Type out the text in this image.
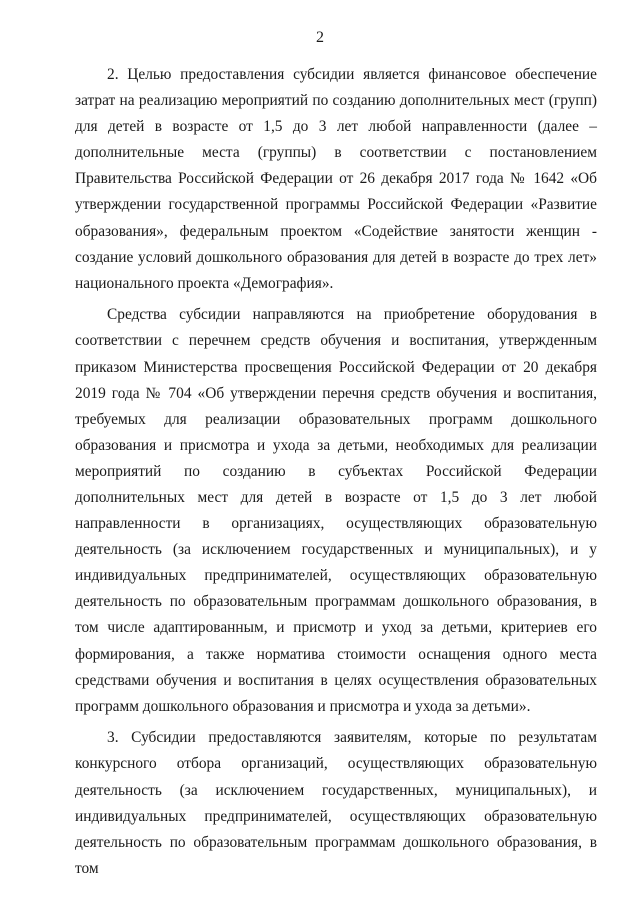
2

2. Целью предоставления субсидии является финансовое обеспечение затрат на реализацию мероприятий по созданию дополнительных мест (групп) для детей в возрасте от 1,5 до 3 лет любой направленности (далее – дополнительные места (группы) в соответствии с постановлением Правительства Российской Федерации от 26 декабря 2017 года № 1642 «Об утверждении государственной программы Российской Федерации «Развитие образования», федеральным проектом «Содействие занятости женщин - создание условий дошкольного образования для детей в возрасте до трех лет» национального проекта «Демография».

Средства субсидии направляются на приобретение оборудования в соответствии с перечнем средств обучения и воспитания, утвержденным приказом Министерства просвещения Российской Федерации от 20 декабря 2019 года № 704 «Об утверждении перечня средств обучения и воспитания, требуемых для реализации образовательных программ дошкольного образования и присмотра и ухода за детьми, необходимых для реализации мероприятий по созданию в субъектах Российской Федерации дополнительных мест для детей в возрасте от 1,5 до 3 лет любой направленности в организациях, осуществляющих образовательную деятельность (за исключением государственных и муниципальных), и у индивидуальных предпринимателей, осуществляющих образовательную деятельность по образовательным программам дошкольного образования, в том числе адаптированным, и присмотр и уход за детьми, критериев его формирования, а также норматива стоимости оснащения одного места средствами обучения и воспитания в целях осуществления образовательных программ дошкольного образования и присмотра и ухода за детьми».

3. Субсидии предоставляются заявителям, которые по результатам конкурсного отбора организаций, осуществляющих образовательную деятельность (за исключением государственных, муниципальных), и индивидуальных предпринимателей, осуществляющих образовательную деятельность по образовательным программам дошкольного образования, в том
